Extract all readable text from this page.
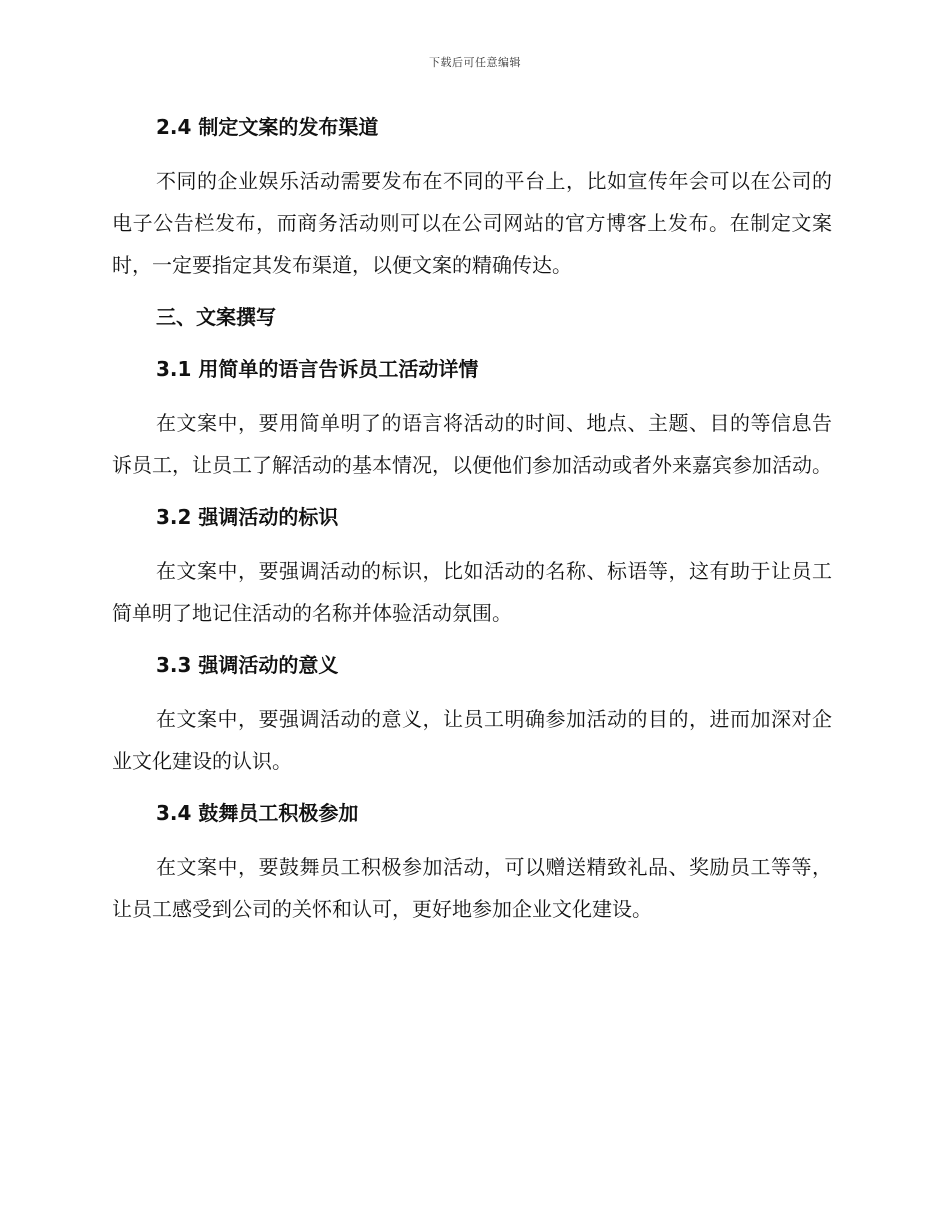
下载后可任意编辑
2.4 制定文案的发布渠道

不同的企业娱乐活动需要发布在不同的平台上，比如宣传年会可以在公司的电子公告栏发布，而商务活动则可以在公司网站的官方博客上发布。在制定文案时，一定要指定其发布渠道，以便文案的精确传达。

三、文案撰写
3.1 用简单的语言告诉员工活动详情

在文案中，要用简单明了的语言将活动的时间、地点、主题、目的等信息告诉员工，让员工了解活动的基本情况，以便他们参加活动或者外来嘉宾参加活动。

3.2 强调活动的标识

在文案中，要强调活动的标识，比如活动的名称、标语等，这有助于让员工简单明了地记住活动的名称并体验活动氛围。

3.3 强调活动的意义

在文案中，要强调活动的意义，让员工明确参加活动的目的，进而加深对企业文化建设的认识。

3.4 鼓舞员工积极参加

在文案中，要鼓舞员工积极参加活动，可以赠送精致礼品、奖励员工等等，让员工感受到公司的关怀和认可，更好地参加企业文化建设。
